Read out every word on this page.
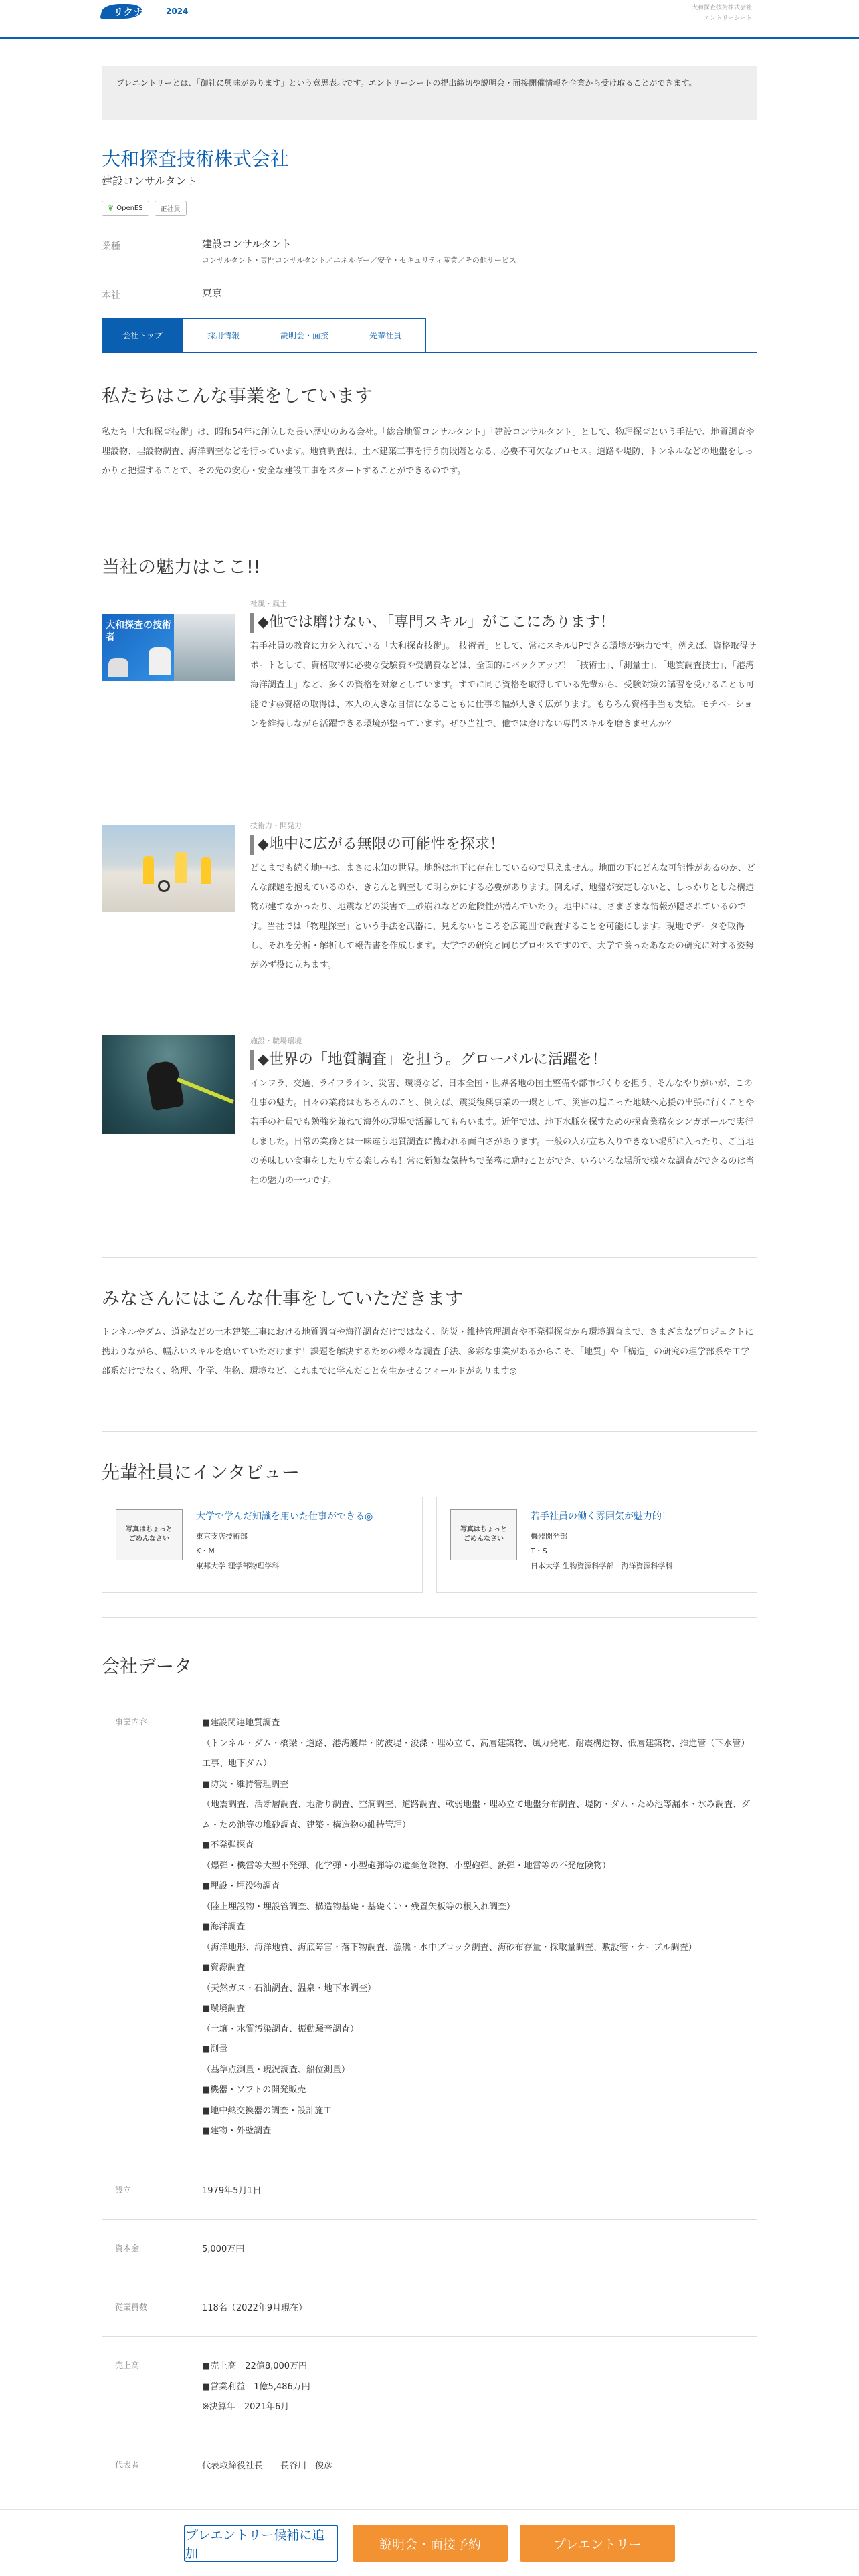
リクナビ 2024	大和探査技術株式会社
エントリーシート
プレエントリーとは、「御社に興味があります」という意思表示です。エントリーシートの提出締切や説明会・面接開催情報を企業から受け取ることができます。
大和探査技術株式会社
建設コンサルタント
❦ OpenES	正社員
業種	建設コンサルタント
コンサルタント・専門コンサルタント／エネルギー／安全・セキュリティ産業／その他サービス
本社	東京
会社トップ	採用情報	説明会・面接	先輩社員
私たちはこんな事業をしています

私たち「大和探査技術」は、昭和54年に創立した長い歴史のある会社。「総合地質コンサルタント」「建設コンサルタント」として、物理探査という手法で、地質調査や埋設物、埋設物調査、海洋調査などを行っています。地質調査は、土木建築工事を行う前段階となる、必要不可欠なプロセス。道路や堤防、トンネルなどの地盤をしっかりと把握することで、その先の安心・安全な建設工事をスタートすることができるのです。

当社の魅力はここ!!
大和探査の技術者
社風・風土
◆他では磨けない、「専門スキル」がここにあります！
若手社員の教育に力を入れている「大和探査技術」。「技術者」として、常にスキルUPできる環境が魅力です。例えば、資格取得サポートとして、資格取得に必要な受験費や受講費などは、全面的にバックアップ！「技術士」、「測量士」、「地質調査技士」、「港湾海洋調査士」など、多くの資格を対象としています。すでに同じ資格を取得している先輩から、受験対策の講習を受けることも可能です◎資格の取得は、本人の大きな自信になることもに仕事の幅が大きく広がります。もちろん資格手当も支給。モチベーションを維持しながら活躍できる環境が整っています。ぜひ当社で、他では磨けない専門スキルを磨きませんか？
技術力・開発力
◆地中に広がる無限の可能性を探求！
どこまでも続く地中は、まさに未知の世界。地盤は地下に存在しているので見えません。地面の下にどんな可能性があるのか、どんな課題を抱えているのか、きちんと調査して明らかにする必要があります。例えば、地盤が安定しないと、しっかりとした構造物が建てなかったり、地震などの災害で土砂崩れなどの危険性が潜んでいたり。地中には、さまざまな情報が隠されているのです。当社では「物理探査」という手法を武器に、見えないところを広範囲で調査することを可能にします。現地でデータを取得し、それを分析・解析して報告書を作成します。大学での研究と同じプロセスですので、大学で養ったあなたの研究に対する姿勢が必ず役に立ちます。
施設・職場環境
◆世界の「地質調査」を担う。グローバルに活躍を！
インフラ、交通、ライフライン、災害、環境など、日本全国・世界各地の国土整備や都市づくりを担う、そんなやりがいが、この仕事の魅力。日々の業務はもちろんのこと、例えば、震災復興事業の一環として、災害の起こった地域へ応援の出張に行くことや若手の社員でも勉強を兼ねて海外の現場で活躍してもらいます。近年では、地下水脈を探すための探査業務をシンガポールで実行しました。日常の業務とは一味違う地質調査に携われる面白さがあります。一般の人が立ち入りできない場所に入ったり、ご当地の美味しい食事をしたりする楽しみも！常に新鮮な気持ちで業務に励むことができ、いろいろな場所で様々な調査ができるのは当社の魅力の一つです。
みなさんにはこんな仕事をしていただきます

トンネルやダム、道路などの土木建築工事における地質調査や海洋調査だけではなく、防災・維持管理調査や不発弾探査から環境調査まで、さまざまなプロジェクトに携わりながら、幅広いスキルを磨いていただけます！課題を解決するための様々な調査手法、多彩な事業があるからこそ、「地質」や「構造」の研究の理学部系や工学部系だけでなく、物理、化学、生物、環境など、これまでに学んだことを生かせるフィールドがあります◎

先輩社員にインタビュー
写真はちょっと
ごめんなさい
大学で学んだ知識を用いた仕事ができる◎
東京支店技術部
K・M
東邦大学 理学部物理学科
写真はちょっと
ごめんなさい
若手社員の働く雰囲気が魅力的！
機器開発部
T・S
日本大学 生物資源科学部　海洋資源科学科
会社データ
事業内容	■建設関連地質調査
（トンネル・ダム・橋梁・道路、港湾護岸・防波堤・浚渫・埋め立て、高層建築物、風力発電、耐震構造物、低層建築物、推進管（下水管）工事、地下ダム）
■防災・維持管理調査
（地震調査、活断層調査、地滑り調査、空洞調査、道路調査、軟弱地盤・埋め立て地盤分布調査、堤防・ダム・ため池等漏水・氷み調査、ダム・ため池等の堆砂調査、建築・構造物の維持管理）
■不発弾探査
（爆弾・機雷等大型不発弾、化学弾・小型砲弾等の遺棄危険物、小型砲弾、銃弾・地雷等の不発危険物）
■埋設・埋没物調査
（陸上埋設物・埋設管調査、構造物基礎・基礎くい・残置矢板等の根入れ調査）
■海洋調査
（海洋地形、海洋地質、海底障害・落下物調査、漁礁・水中ブロック調査、海砂布存量・採取量調査、敷設管・ケーブル調査）
■資源調査
（天然ガス・石油調査、温泉・地下水調査）
■環境調査
（土壌・水質汚染調査、振動騒音調査）
■測量
（基準点測量・現況調査、船位測量）
■機器・ソフトの開発販売
■地中熱交換器の調査・設計施工
■建物・外壁調査
設立	1979年5月1日
資本金	5,000万円
従業員数	118名（2022年9月現在）
売上高	■売上高　22億8,000万円
■営業利益　1億5,486万円
※決算年　2021年6月
代表者	代表取締役社長　　長谷川　俊彦
プレエントリー候補に追加
説明会・面接予約	プレエントリー
